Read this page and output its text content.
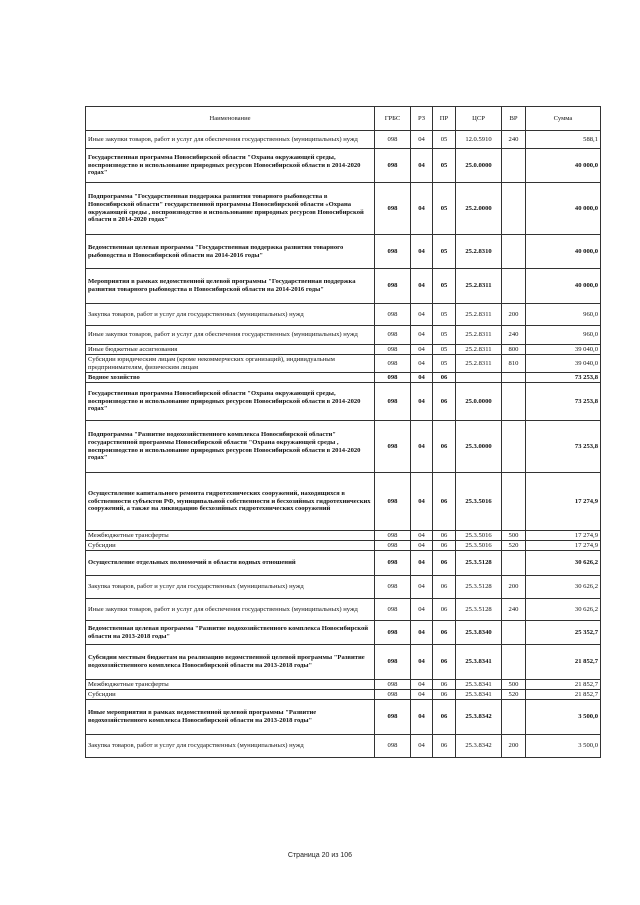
Наименование	ГРБС	РЗ	ПР	ЦСР	ВР	Сумма
Иные закупки товаров, работ и услуг для обеспечения государственных (муниципальных) нужд	098	04	05	12.0.5910	240	588,1
Государственная программа Новосибирской области "Охрана окружающей среды, воспроизводство и использование природных ресурсов Новосибирской области в 2014-2020 годах"	098	04	05	25.0.0000		40 000,0
Подпрограмма "Государственная поддержка развития товарного рыбоводства в Новосибирской области" государственной программы Новосибирской области «Охрана окружающей среды , воспроизводство и использование природных ресурсов Новосибирской области в 2014-2020 годах"	098	04	05	25.2.0000		40 000,0
Ведомственная целевая программа "Государственная поддержка развития товарного рыбоводства в Новосибирской области на 2014-2016 годы"	098	04	05	25.2.8310		40 000,0
Мероприятия в рамках ведомственной целевой программы "Государственная поддержка развития товарного рыбоводства в Новосибирской области на 2014-2016 годы"	098	04	05	25.2.8311		40 000,0
Закупка товаров, работ и услуг для государственных (муниципальных) нужд	098	04	05	25.2.8311	200	960,0
Иные закупки товаров, работ и услуг для обеспечения государственных (муниципальных) нужд	098	04	05	25.2.8311	240	960,0
Иные бюджетные ассигнования	098	04	05	25.2.8311	800	39 040,0
Субсидии юридическим лицам (кроме некоммерческих организаций), индивидуальным предпринимателям, физическим лицам	098	04	05	25.2.8311	810	39 040,0
Водное хозяйство	098	04	06			73 253,8
Государственная программа Новосибирской области "Охрана окружающей среды, воспроизводство и использование природных ресурсов Новосибирской области в 2014-2020 годах"	098	04	06	25.0.0000		73 253,8
Подпрограмма "Развитие водохозяйственного комплекса Новосибирской области" государственной программы Новосибирской области "Охрана окружающей среды , воспроизводство и использование природных ресурсов Новосибирской области в 2014-2020 годах"	098	04	06	25.3.0000		73 253,8
Осуществление капитального ремонта гидротехнических сооружений, находящихся в собственности субъектов РФ, муниципальной собственности и бесхозяйных гидротехнических сооружений, а также на ликвидацию бесхозяйных гидротехнических сооружений	098	04	06	25.3.5016		17 274,9
Межбюджетные трансферты	098	04	06	25.3.5016	500	17 274,9
Субсидии	098	04	06	25.3.5016	520	17 274,9
Осуществление отдельных полномочий в области водных отношений	098	04	06	25.3.5128		30 626,2
Закупка товаров, работ и услуг для государственных (муниципальных) нужд	098	04	06	25.3.5128	200	30 626,2
Иные закупки товаров, работ и услуг для обеспечения государственных (муниципальных) нужд	098	04	06	25.3.5128	240	30 626,2
Ведомственная целевая программа "Развитие водохозяйственного комплекса Новосибирской области на 2013-2018 годы"	098	04	06	25.3.8340		25 352,7
Субсидии местным бюджетам на реализацию ведомственной целевой программы "Развитие водохозяйственного комплекса Новосибирской области на 2013-2018 годы"	098	04	06	25.3.8341		21 852,7
Межбюджетные трансферты	098	04	06	25.3.8341	500	21 852,7
Субсидии	098	04	06	25.3.8341	520	21 852,7
Иные мероприятия в рамках ведомственной целевой программы "Развитие водохозяйственного комплекса Новосибирской области на 2013-2018 годы"	098	04	06	25.3.8342		3 500,0
Закупка товаров, работ и услуг для государственных (муниципальных) нужд	098	04	06	25.3.8342	200	3 500,0
Страница 20 из 106
